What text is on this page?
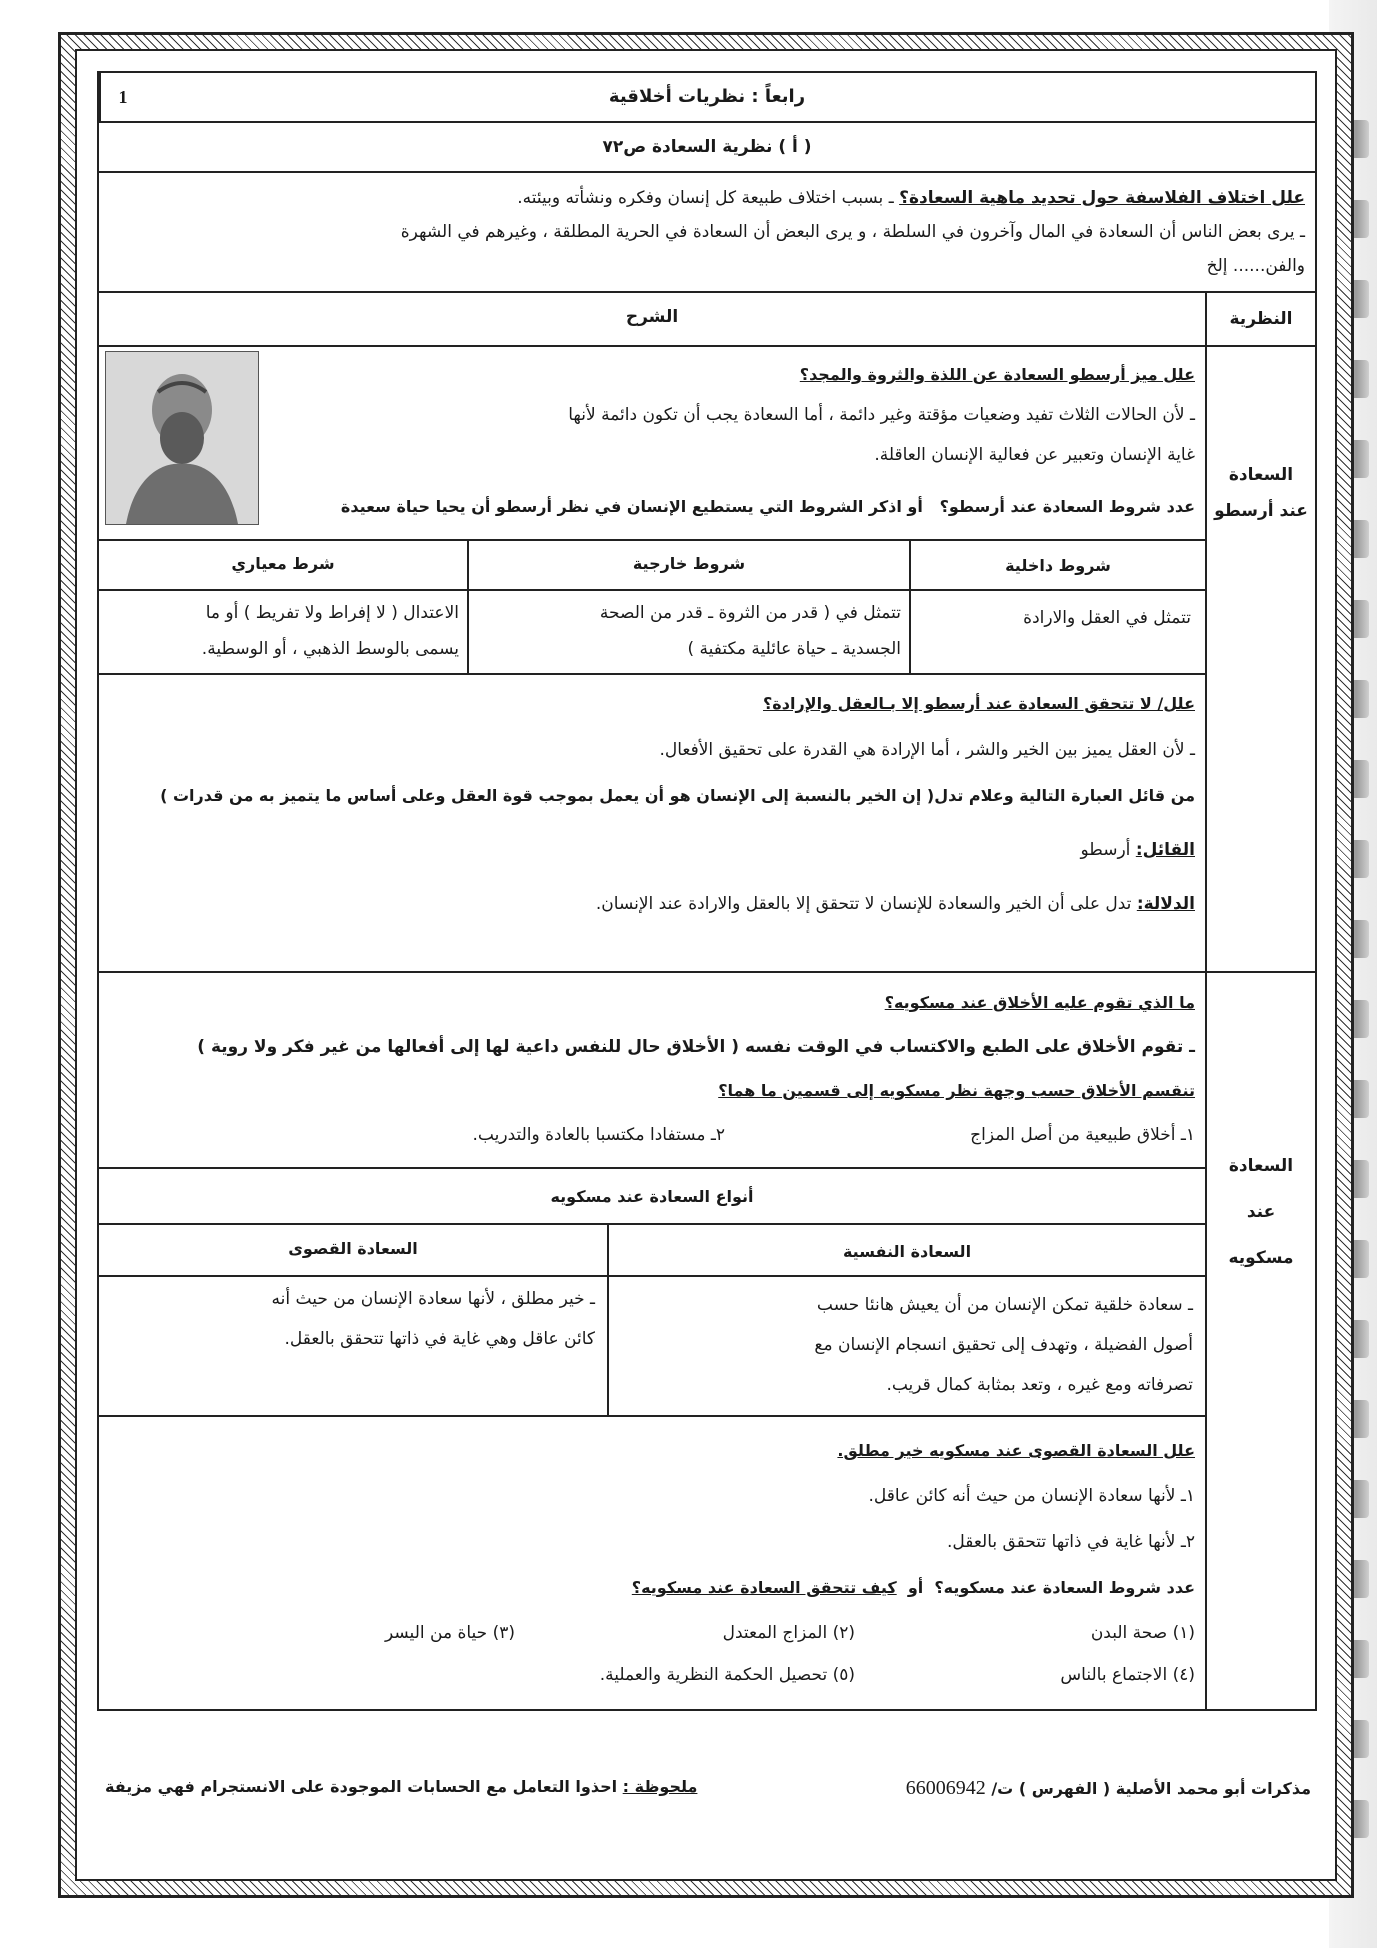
رابعاً : نظريات أخلاقية
1
( أ ) نظرية السعادة ص٧٢

علل اختلاف الفلاسفة حول تحديد ماهية السعادة؟ ـ بسبب اختلاف طبيعة كل إنسان وفكره ونشأته وبيئته.

ـ يرى بعض الناس أن السعادة في المال وآخرون في السلطة ، و يرى البعض أن السعادة في الحرية المطلقة ، وغيرهم في الشهرة

والفن...... إلخ

النظرية
الشرح
السعادة
عند أرسطو

علل ميز أرسطو السعادة عن اللذة والثروة والمجد؟

ـ لأن الحالات الثلاث تفيد وضعيات مؤقتة وغير دائمة ، أما السعادة يجب أن تكون دائمة لأنها

غاية الإنسان وتعبير عن فعالية الإنسان العاقلة.

عدد شروط السعادة عند أرسطو؟   أو اذكر الشروط التي يستطيع الإنسان في نظر أرسطو أن يحيا حياة سعيدة

شروط داخلية
شروط خارجية
شرط معياري
تتمثل في العقل والارادة
تتمثل في ( قدر من الثروة ـ قدر من الصحة
الجسدية ـ حياة عائلية مكتفية )
الاعتدال ( لا إفراط ولا تفريط ) أو ما
يسمى بالوسط الذهبي ، أو الوسطية.

علل/ لا تتحقق السعادة عند أرسطو إلا بـالعقل والإرادة؟

ـ لأن العقل يميز بين الخير والشر ، أما الإرادة هي القدرة على تحقيق الأفعال.

من قائل العبارة التالية وعلام تدل( إن الخير بالنسبة إلى الإنسان هو أن يعمل بموجب قوة العقل وعلى أساس ما يتميز به من قدرات )

القائل: أرسطو

الدلالة: تدل على أن الخير والسعادة للإنسان لا تتحقق إلا بالعقل والارادة عند الإنسان.

السعادة
عند
مسكويه

ما الذي تقوم عليه الأخلاق عند مسكويه؟

ـ تقوم الأخلاق على الطبع والاكتساب في الوقت نفسه ( الأخلاق حال للنفس داعية لها إلى أفعالها من غير فكر ولا روية )

تنقسم الأخلاق حسب وجهة نظر مسكويه إلى قسمين ما هما؟

١ـ أخلاق طبيعية من أصل المزاج
٢ـ مستفادا مكتسبا بالعادة والتدريب.

أنواع السعادة عند مسكويه
السعادة النفسية
السعادة القصوى
ـ سعادة خلقية تمكن الإنسان من أن يعيش هانئا حسب
أصول الفضيلة ، وتهدف إلى تحقيق انسجام الإنسان مع
تصرفاته ومع غيره ، وتعد بمثابة كمال قريب.
ـ خير مطلق ، لأنها سعادة الإنسان من حيث أنه
كائن عاقل وهي غاية في ذاتها تتحقق بالعقل.

علل السعادة القصوى عند مسكويه خير مطلق.

١ـ لأنها سعادة الإنسان من حيث أنه كائن عاقل.

٢ـ لأنها غاية في ذاتها تتحقق بالعقل.

عدد شروط السعادة عند مسكويه؟  أو  كيف تتحقق السعادة عند مسكويه؟

(١) صحة البدن
(٢) المزاج المعتدل
(٣) حياة من اليسر
(٤) الاجتماع بالناس
(٥) تحصيل الحكمة النظرية والعملية.
مذكرات أبو محمد الأصلية ( الفهرس ) ت/ 66006942
ملحوظة : احذوا التعامل مع الحسابات الموجودة على الانستجرام فهي مزيفة
